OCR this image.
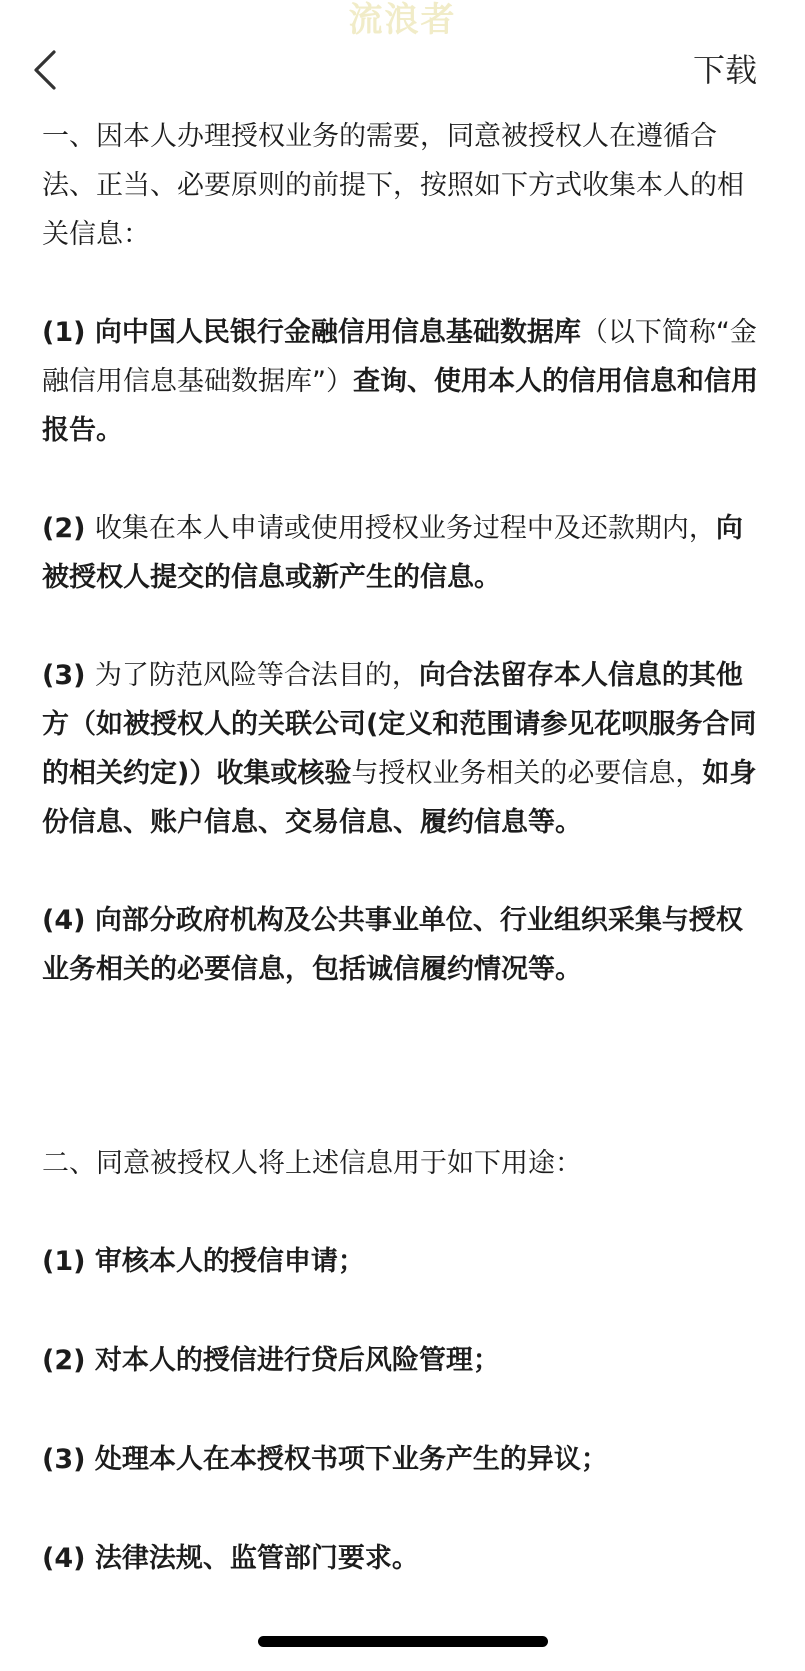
流浪者
下载

一、因本人办理授权业务的需要，同意被授权人在遵循合法、正当、必要原则的前提下，按照如下方式收集本人的相关信息：

(1) 向中国人民银行金融信用信息基础数据库（以下简称“金融信用信息基础数据库”）查询、使用本人的信用信息和信用报告。

(2) 收集在本人申请或使用授权业务过程中及还款期内，向被授权人提交的信息或新产生的信息。

(3) 为了防范风险等合法目的，向合法留存本人信息的其他方（如被授权人的关联公司(定义和范围请参见花呗服务合同的相关约定)）收集或核验与授权业务相关的必要信息，如身份信息、账户信息、交易信息、履约信息等。

(4) 向部分政府机构及公共事业单位、行业组织采集与授权业务相关的必要信息，包括诚信履约情况等。

二、同意被授权人将上述信息用于如下用途：

(1) 审核本人的授信申请；

(2) 对本人的授信进行贷后风险管理；

(3) 处理本人在本授权书项下业务产生的异议；

(4) 法律法规、监管部门要求。
